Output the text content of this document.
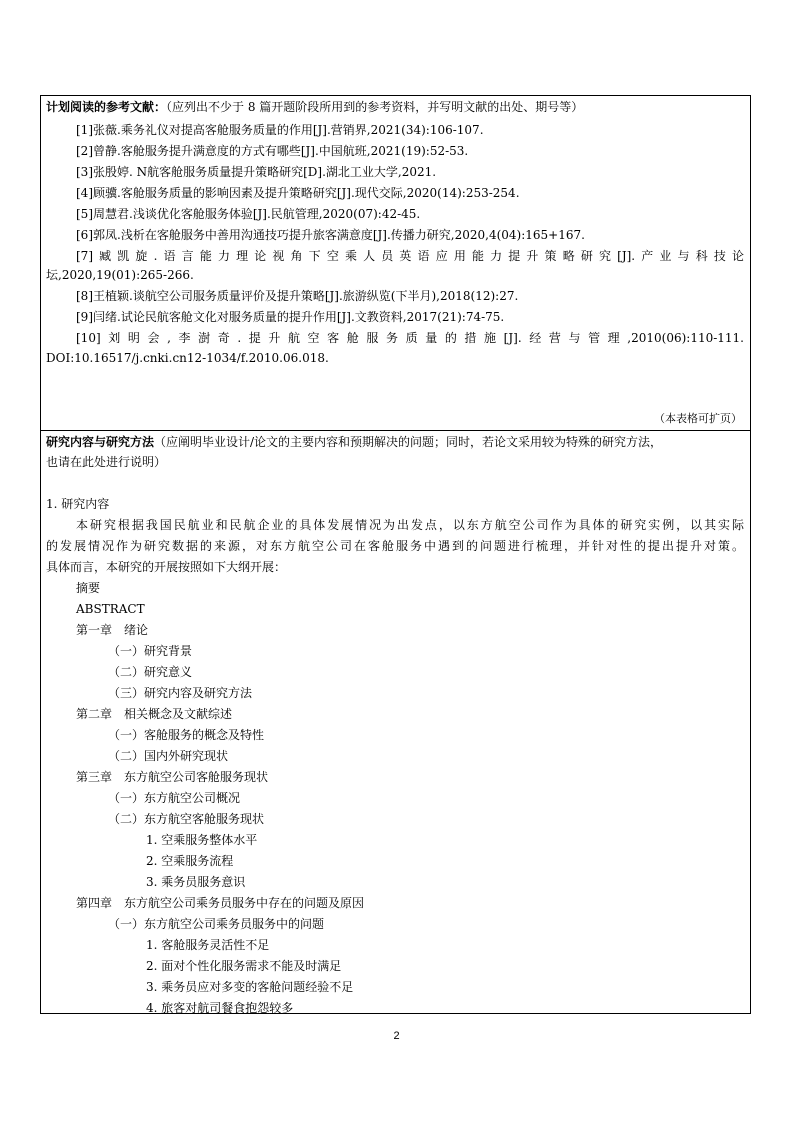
计划阅读的参考文献：（应列出不少于 8 篇开题阶段所用到的参考资料，并写明文献的出处、期号等）
[1]张薇.乘务礼仪对提高客舱服务质量的作用[J].营销界,2021(34):106-107.
[2]曾静.客舱服务提升满意度的方式有哪些[J].中国航班,2021(19):52-53.
[3]张殷婷. N航客舱服务质量提升策略研究[D].湖北工业大学,2021.
[4]顾骥.客舱服务质量的影响因素及提升策略研究[J].现代交际,2020(14):253-254.
[5]周慧君.浅谈优化客舱服务体验[J].民航管理,2020(07):42-45.
[6]郭凤.浅析在客舱服务中善用沟通技巧提升旅客满意度[J].传播力研究,2020,4(04):165+167.
[7]臧凯旋.语言能力理论视角下空乘人员英语应用能力提升策略研究[J].产业与科技论
坛,2020,19(01):265-266.
[8]王植颖.谈航空公司服务质量评价及提升策略[J].旅游纵览(下半月),2018(12):27.
[9]闫绪.试论民航客舱文化对服务质量的提升作用[J].文教资料,2017(21):74-75.
[10]刘明会,李澍奇.提升航空客舱服务质量的措施[J].经营与管理,2010(06):110-111.
DOI:10.16517/j.cnki.cn12-1034/f.2010.06.018.
（本表格可扩页）
研究内容与研究方法（应阐明毕业设计/论文的主要内容和预期解决的问题；同时，若论文采用较为特殊的研究方法，
也请在此处进行说明）
1. 研究内容
本研究根据我国民航业和民航企业的具体发展情况为出发点，以东方航空公司作为具体的研究实例，以其实际
的发展情况作为研究数据的来源，对东方航空公司在客舱服务中遇到的问题进行梳理，并针对性的提出提升对策。
具体而言，本研究的开展按照如下大纲开展：
摘要
ABSTRACT
第一章　绪论
（一）研究背景
（二）研究意义
（三）研究内容及研究方法
第二章　相关概念及文献综述
（一）客舱服务的概念及特性
（二）国内外研究现状
第三章　东方航空公司客舱服务现状
（一）东方航空公司概况
（二）东方航空客舱服务现状
1. 空乘服务整体水平
2. 空乘服务流程
3. 乘务员服务意识
第四章　东方航空公司乘务员服务中存在的问题及原因
（一）东方航空公司乘务员服务中的问题
1. 客舱服务灵活性不足
2. 面对个性化服务需求不能及时满足
3. 乘务员应对多变的客舱问题经验不足
4. 旅客对航司餐食抱怨较多
2
